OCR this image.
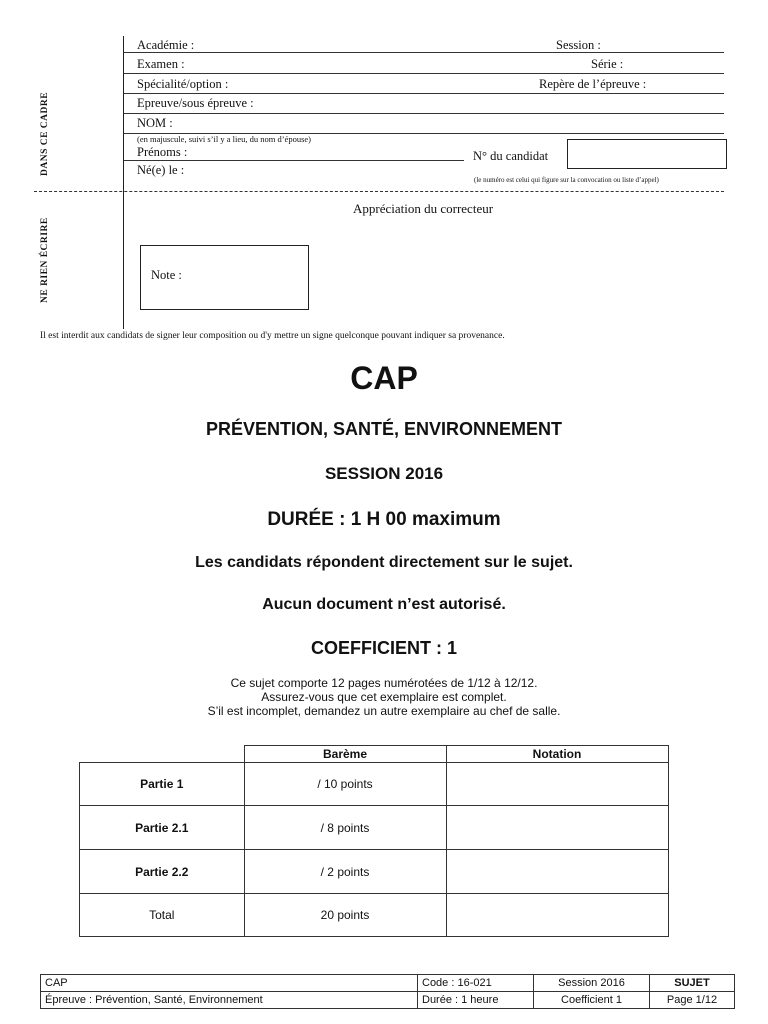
Académie :	Session :
Examen :	Série :
Spécialité/option :	Repère de l’épreuve :
Epreuve/sous épreuve :
NOM :
(en majuscule, suivi s’il y a lieu, du nom d’épouse)
Prénoms :	N° du candidat
Né(e) le :
(le numéro est celui qui figure sur la convocation ou liste d’appel)
Appréciation du correcteur
Note :
DANS CE CADRE
NE RIEN ÉCRIRE
Il est interdit aux candidats de signer leur composition ou d'y mettre un signe quelconque pouvant indiquer sa provenance.
CAP
PRÉVENTION, SANTÉ, ENVIRONNEMENT
SESSION 2016
DURÉE : 1 H 00 maximum
Les candidats répondent directement sur le sujet.
Aucun document n’est autorisé.
COEFFICIENT : 1
Ce sujet comporte 12 pages numérotées de 1/12 à 12/12.
Assurez-vous que cet exemplaire est complet.
S’il est incomplet, demandez un autre exemplaire au chef de salle.
	Barème	Notation
Partie 1	/ 10 points	
Partie 2.1	/ 8 points	
Partie 2.2	/ 2 points	
Total	20 points	
CAP	Code : 16-021	Session 2016	SUJET
Épreuve : Prévention, Santé, Environnement	Durée : 1 heure	Coefficient 1	Page 1/12
